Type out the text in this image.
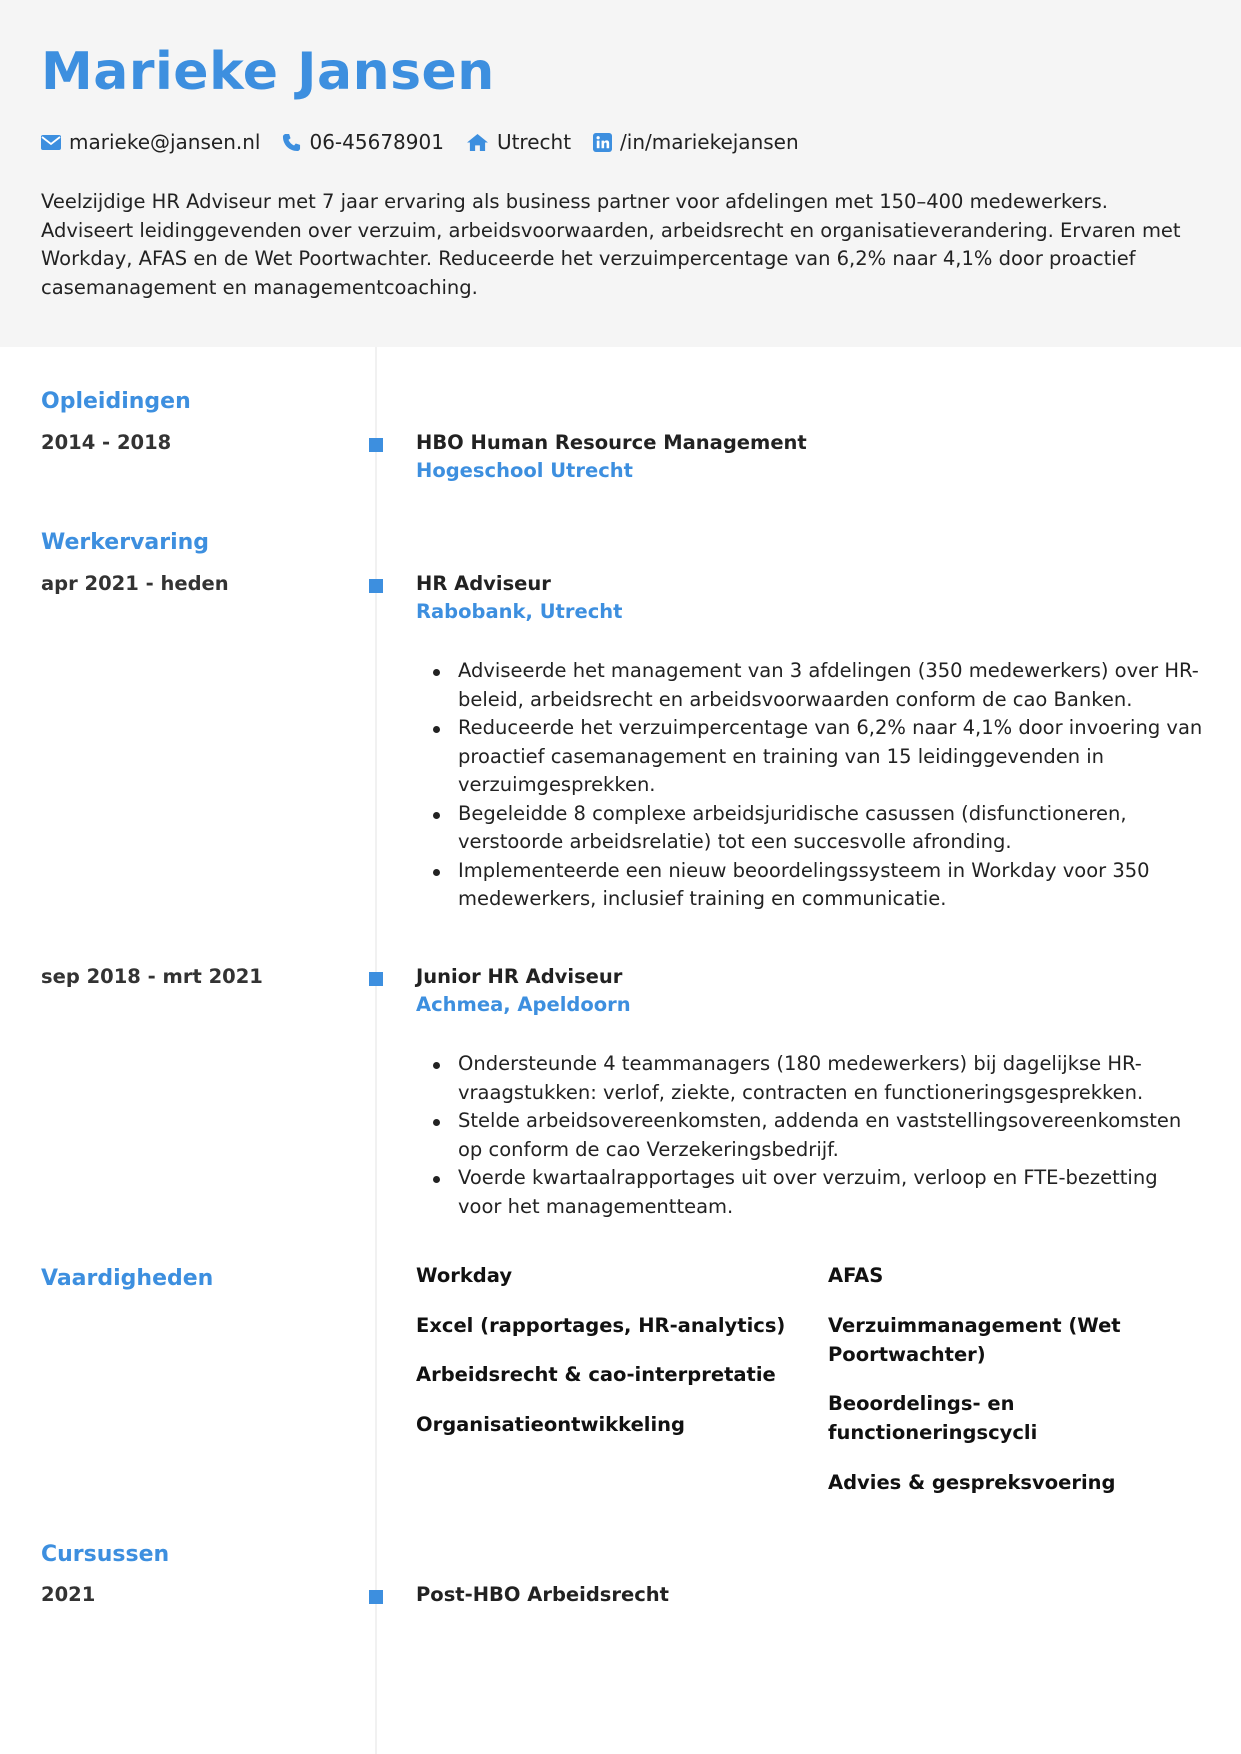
Marieke Jansen
marieke@jansen.nl 06-45678901	Utrecht /in/mariekejansen
Veelzijdige HR Adviseur met 7 jaar ervaring als business partner voor afdelingen met 150–400 medewerkers. Adviseert leidinggevenden over verzuim, arbeidsvoorwaarden, arbeidsrecht en organisatieverandering. Ervaren met Workday, AFAS en de Wet Poortwachter. Reduceerde het verzuimpercentage van 6,2% naar 4,1% door proactief casemanagement en managementcoaching.
Opleidingen
2014 - 2018	HBO Human Resource Management
Hogeschool Utrecht
Werkervaring
apr 2021 - heden	HR Adviseur
Rabobank, Utrecht
Adviseerde het management van 3 afdelingen (350 medewerkers) over HR-beleid, arbeidsrecht en arbeidsvoorwaarden conform de cao Banken.
Reduceerde het verzuimpercentage van 6,2% naar 4,1% door invoering van proactief casemanagement en training van 15 leidinggevenden in verzuimgesprekken.
Begeleidde 8 complexe arbeidsjuridische casussen (disfunctioneren, verstoorde arbeidsrelatie) tot een succesvolle afronding.
Implementeerde een nieuw beoordelingssysteem in Workday voor 350 medewerkers, inclusief training en communicatie.
sep 2018 - mrt 2021	Junior HR Adviseur
Achmea, Apeldoorn
Ondersteunde 4 teammanagers (180 medewerkers) bij dagelijkse HR-vraagstukken: verlof, ziekte, contracten en functioneringsgesprekken.
Stelde arbeidsovereenkomsten, addenda en vaststellingsovereenkomsten op conform de cao Verzekeringsbedrijf.
Voerde kwartaalrapportages uit over verzuim, verloop en FTE-bezetting voor het managementteam.
Vaardigheden	Workday
Excel (rapportages, HR-analytics)
Arbeidsrecht & cao-interpretatie
Organisatieontwikkeling
AFAS
Verzuimmanagement (Wet Poortwachter)
Beoordelings- en functioneringscycli
Advies & gespreksvoering
Cursussen
2021	Post-HBO Arbeidsrecht
